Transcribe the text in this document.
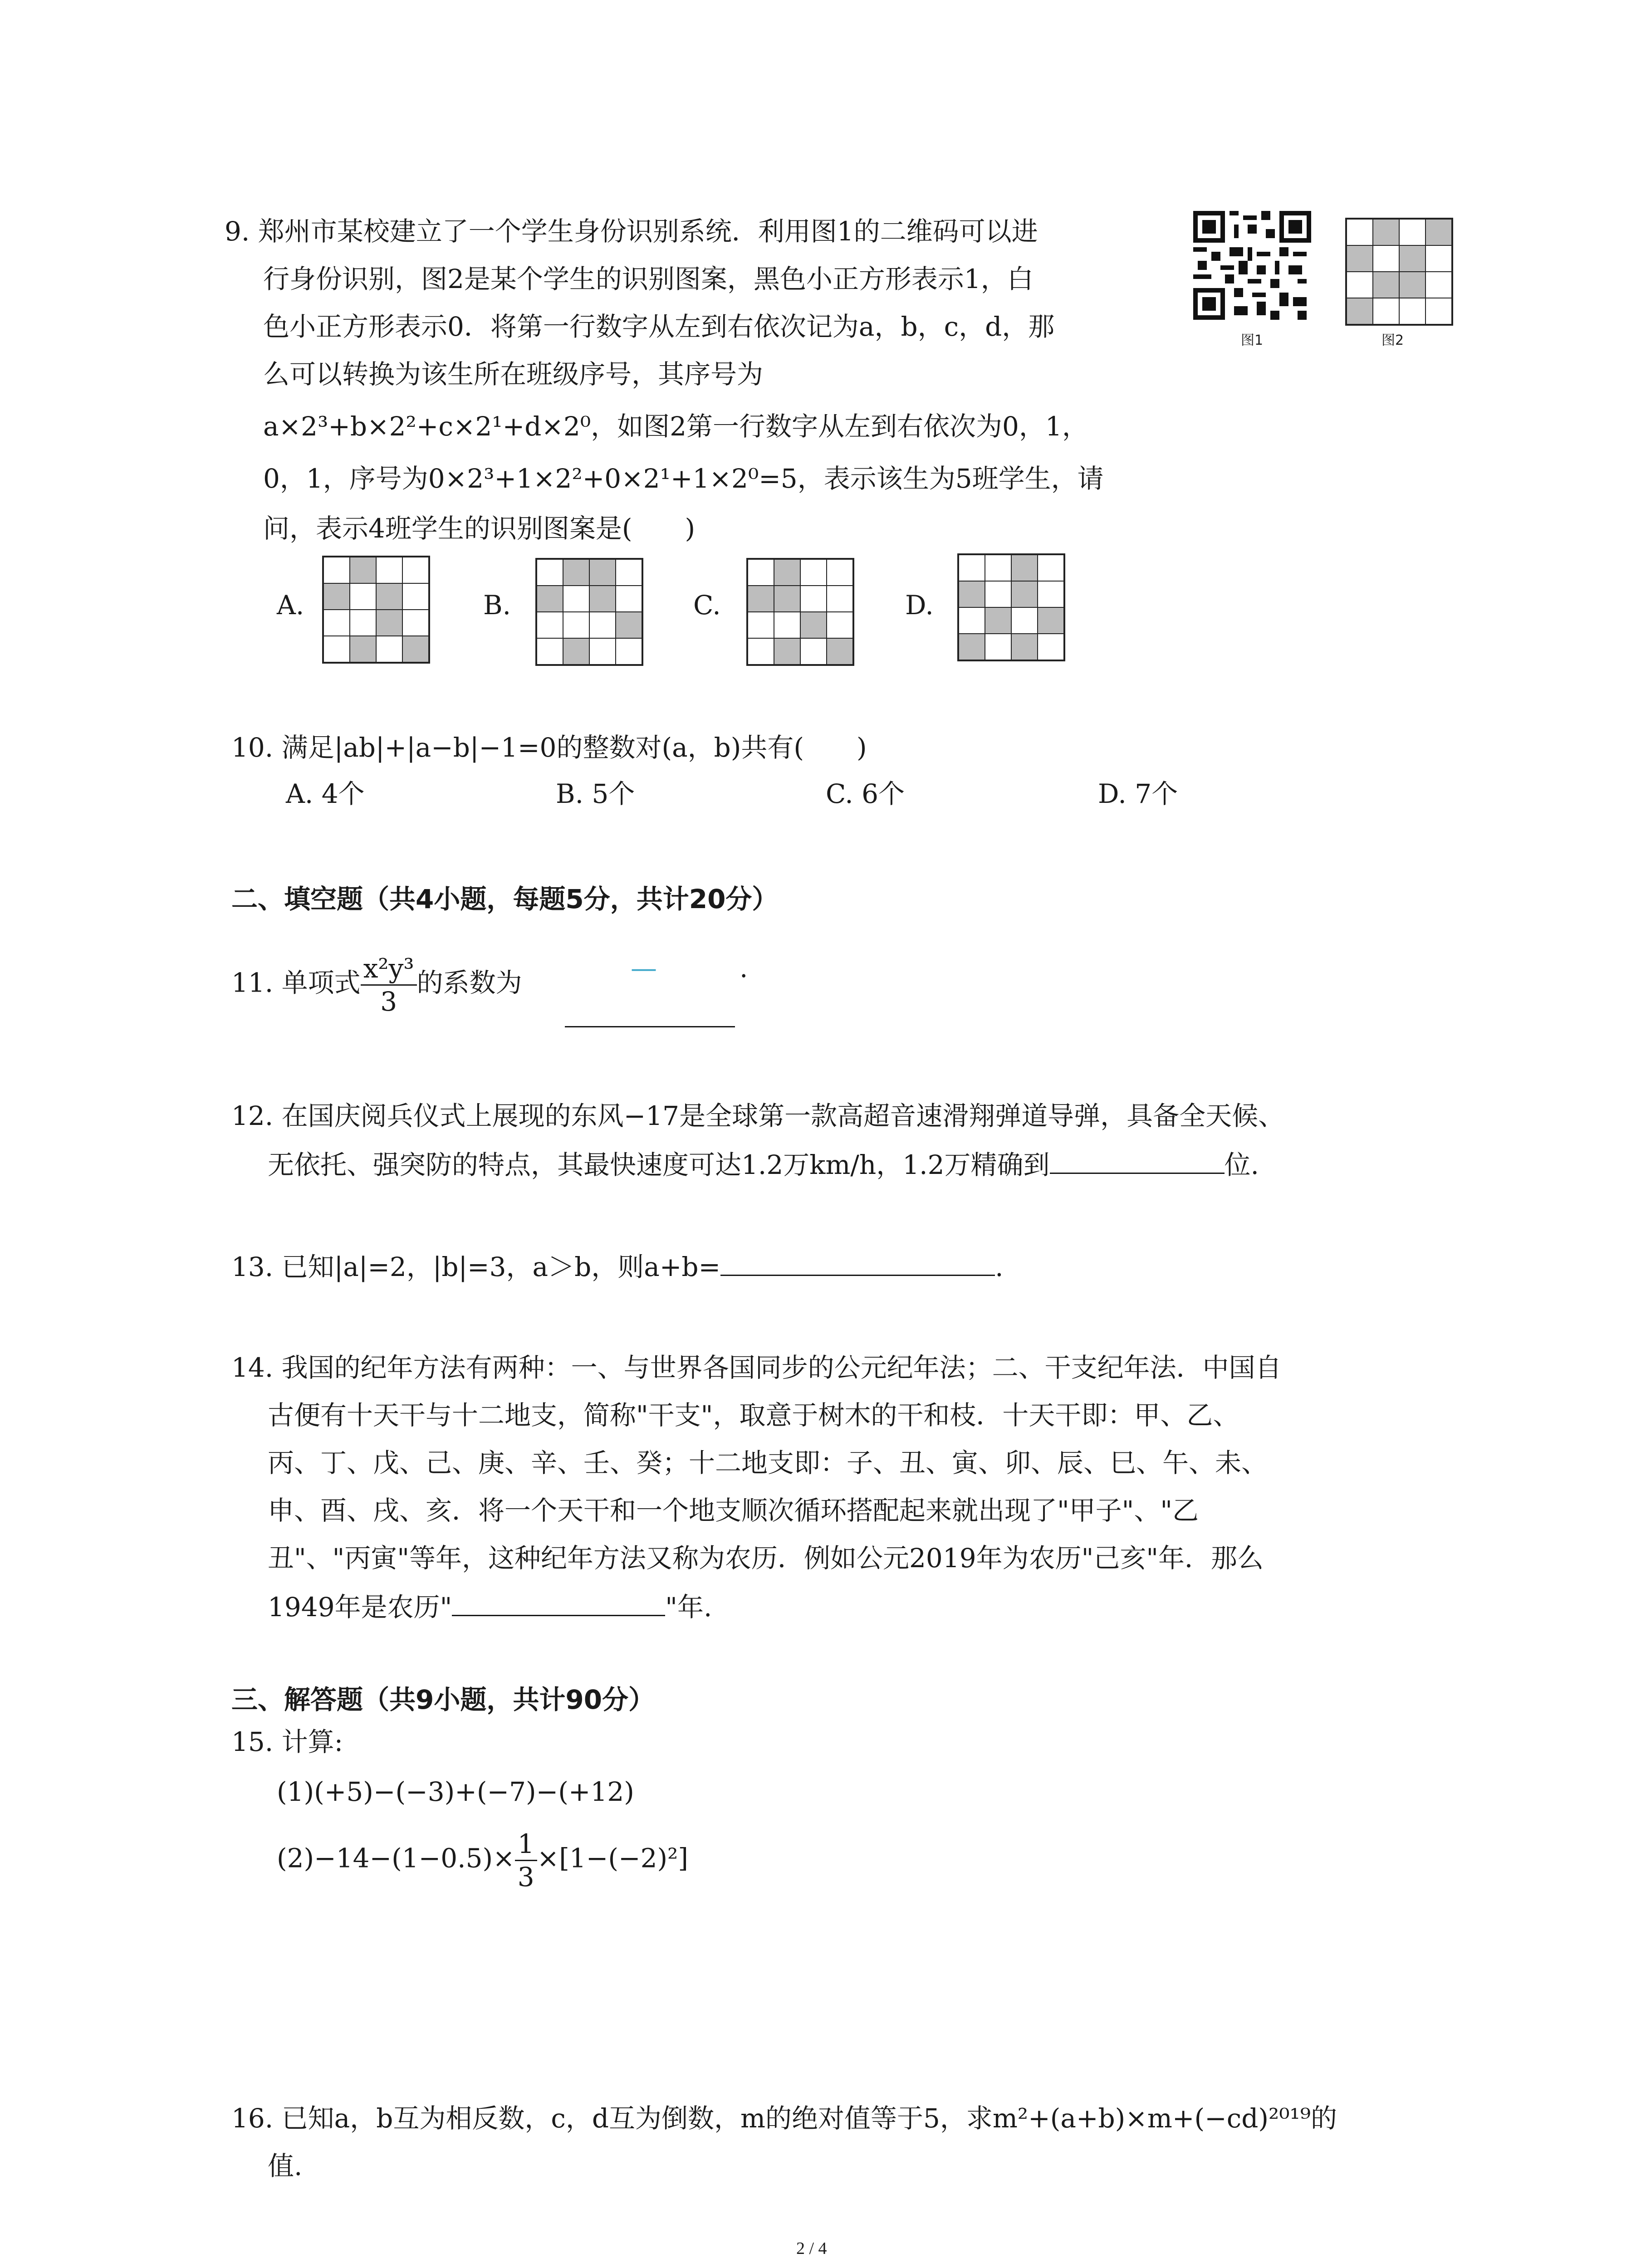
9. 郑州市某校建立了一个学生身份识别系统．利用图1的二维码可以进
行身份识别，图2是某个学生的识别图案，黑色小正方形表示1，白
色小正方形表示0．将第一行数字从左到右依次记为a，b，c，d，那
么可以转换为该生所在班级序号，其序号为
a×2³+b×2²+c×2¹+d×2⁰，如图2第一行数字从左到右依次为0，1，
0，1，序号为0×2³+1×2²+0×2¹+1×2⁰=5，表示该生为5班学生，请
问，表示4班学生的识别图案是(　　)
图1	图2
A.	B.	C.	D.
10. 满足|ab|+|a−b|−1=0的整数对(a，b)共有(　　)
A. 4个	B. 5个	C. 6个	D. 7个
二、填空题（共4小题，每题5分，共计20分）
11. 单项式 $\frac{\text{x²y³}}{3}$ 的系数为	—	.
12. 在国庆阅兵仪式上展现的东风−17是全球第一款高超音速滑翔弹道导弹，具备全天候、
无依托、强突防的特点，其最快速度可达1.2万km/h，1.2万精确到	位.
13. 已知|a|=2，|b|=3，a＞b，则a+b=	.
14. 我国的纪年方法有两种：一、与世界各国同步的公元纪年法；二、干支纪年法．中国自
古便有十天干与十二地支，简称"干支"，取意于树木的干和枝．十天干即：甲、乙、
丙、丁、戊、己、庚、辛、壬、癸；十二地支即：子、丑、寅、卯、辰、巳、午、未、
申、酉、戌、亥．将一个天干和一个地支顺次循环搭配起来就出现了"甲子"、"乙
丑"、"丙寅"等年，这种纪年方法又称为农历．例如公元2019年为农历"己亥"年．那么
1949年是农历"	"年.
三、解答题（共9小题，共计90分）
15. 计算:
(1)(+5)−(−3)+(−7)−(+12)
$(2)-14-(1-0.5)\times \frac{1}{3} \times[1-(-2)^2]$
16. 已知a，b互为相反数，c，d互为倒数，m的绝对值等于5，求m²+(a+b)×m+(−cd)²⁰¹⁹的
值.
2 / 4
